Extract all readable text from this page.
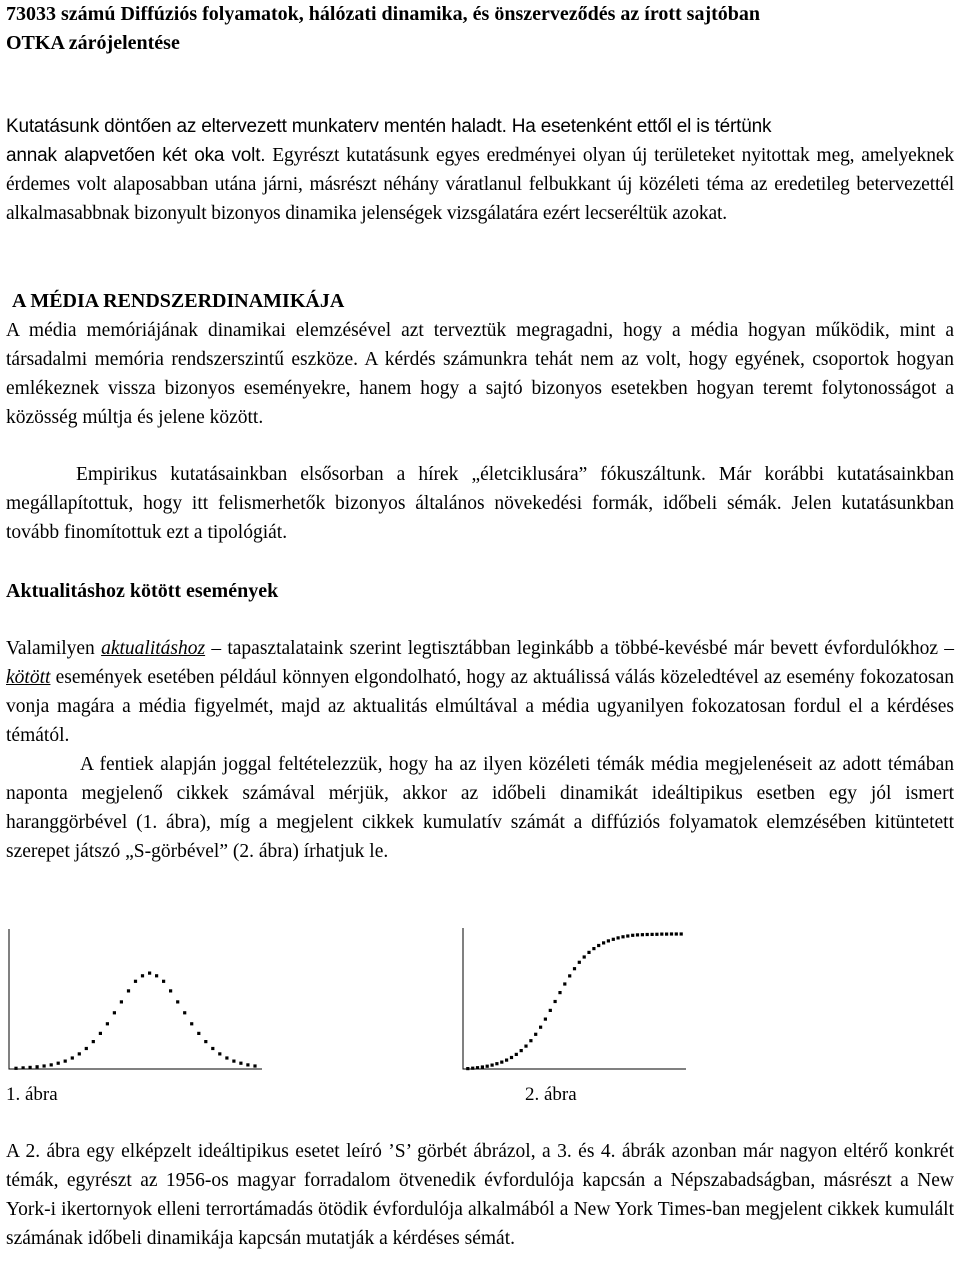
73033 számú Diffúziós folyamatok, hálózati dinamika, és önszerveződés az írott sajtóban
OTKA zárójelentése

Kutatásunk döntően az eltervezett munkaterv mentén haladt. Ha esetenként ettől el is tértünk
annak alapvetően két oka volt. Egyrészt kutatásunk egyes eredményei olyan új területeket nyitottak meg, amelyeknek érdemes volt alaposabban utána járni, másrészt néhány váratlanul felbukkant új közéleti téma az eredetileg betervezettél alkalmasabbnak bizonyult bizonyos dinamika jelenségek vizsgálatára ezért lecseréltük azokat.

A MÉDIA RENDSZERDINAMIKÁJA

A média memóriájának dinamikai elemzésével azt terveztük megragadni, hogy a média hogyan működik, mint a társadalmi memória rendszerszintű eszköze. A kérdés számunkra tehát nem az volt, hogy egyének, csoportok hogyan emlékeznek vissza bizonyos eseményekre, hanem hogy a sajtó bizonyos esetekben hogyan teremt folytonosságot a közösség múltja és jelene között.

Empirikus kutatásainkban elsősorban a hírek „életciklusára” fókuszáltunk. Már korábbi kutatásainkban megállapítottuk, hogy itt felismerhetők bizonyos általános növekedési formák, időbeli sémák. Jelen kutatásunkban tovább finomítottuk ezt a tipológiát.

Aktualitáshoz kötött események

Valamilyen aktualitáshoz – tapasztalataink szerint legtisztábban leginkább a többé-kevésbé már bevett évfordulókhoz – kötött események esetében például könnyen elgondolható, hogy az aktuálissá válás közeledtével az esemény fokozatosan vonja magára a média figyelmét, majd az aktualitás elmúltával a média ugyanilyen fokozatosan fordul el a kérdéses témától.

A fentiek alapján joggal feltételezzük, hogy ha az ilyen közéleti témák média megjelenéseit az adott témában naponta megjelenő cikkek számával mérjük, akkor az időbeli dinamikát ideáltipikus esetben egy jól ismert haranggörbével (1. ábra), míg a megjelent cikkek kumulatív számát a diffúziós folyamatok elemzésében kitüntetett szerepet játszó „S-görbével” (2. ábra) írhatjuk le.

1. ábra	2. ábra

A 2. ábra egy elképzelt ideáltipikus esetet leíró ’S’ görbét ábrázol, a 3. és 4. ábrák azonban már nagyon eltérő konkrét témák, egyrészt az 1956-os magyar forradalom ötvenedik évfordulója kapcsán a Népszabadságban, másrészt a New York-i ikertornyok elleni terrortámadás ötödik évfordulója alkalmából a New York Times-ban megjelent cikkek kumulált számának időbeli dinamikája kapcsán mutatják a kérdéses sémát.
